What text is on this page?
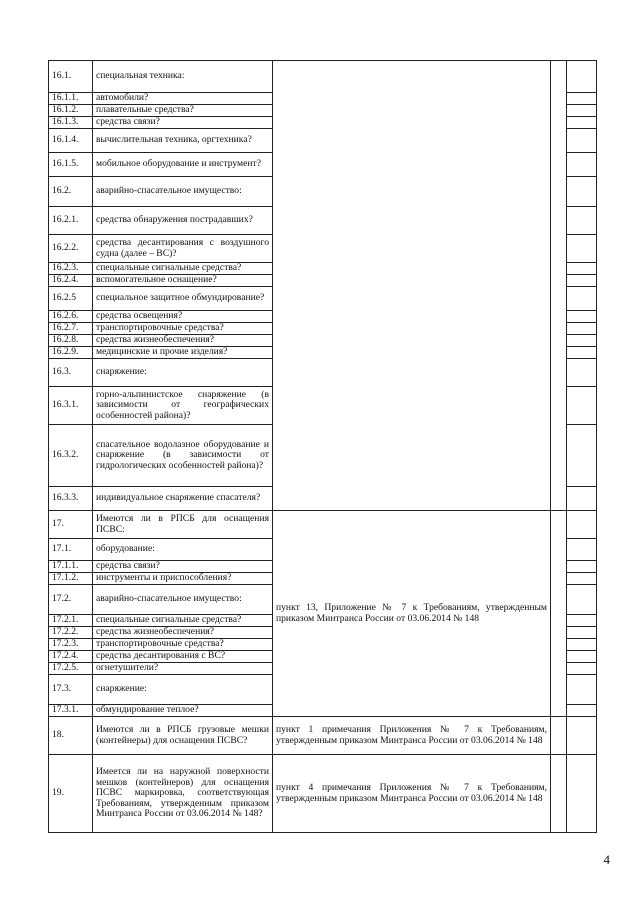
16.1.	специальная техника:			
16.1.1.	автомобили?			
16.1.2.	плавательные средства?			
16.1.3.	средства связи?			
16.1.4.	вычислительная техника, оргтехника?			
16.1.5.	мобильное оборудование и инструмент?			
16.2.	аварийно-спасательное имущество:			
16.2.1.	средства обнаружения пострадавших?			
16.2.2.	средства десантирования с воздушного судна (далее – ВС)?			
16.2.3.	специальные сигнальные средства?			
16.2.4.	вспомогательное оснащение?			
16.2.5	специальное защитное обмундирование?			
16.2.6.	средства освещения?			
16.2.7.	транспортировочные средства?			
16.2.8.	средства жизнеобеспечения?			
16.2.9.	медицинские и прочие изделия?			
16.3.	снаряжение:			
16.3.1.	горно-альпинистское снаряжение (в зависимости от географических особенностей района)?			
16.3.2.	спасательное водолазное оборудование и снаряжение (в зависимости от гидрологических особенностей района)?			
16.3.3.	индивидуальное снаряжение спасателя?			
17.	Имеются ли в РПСБ для оснащения ПСВС:	пункт 13, Приложение № 7 к Требованиям, утвержденным приказом Минтранса России от 03.06.2014 № 148		

17.1.	оборудование:			
17.1.1.	средства связи?			
17.1.2.	инструменты и приспособления?			
17.2.	аварийно-спасательное имущество:			
17.2.1.	специальные сигнальные средства?			
17.2.2.	средства жизнеобеспечения?			
17.2.3.	транспортировочные средства?			
17.2.4.	средства десантирования с ВС?			
17.2.5.	огнетушители?			
17.3.	снаряжение:			
17.3.1.	обмундирование теплое?			
18.	Имеются ли в РПСБ грузовые мешки (контейнеры) для оснащения ПСВС?	пункт 1 примечания Приложения № 7 к Требованиям, утвержденным приказом Минтранса России от 03.06.2014 № 148		

19.	Имеется ли на наружной поверхности мешков (контейнеров) для оснащения ПСВС маркировка, соответствующая Требованиям, утвержденным приказом Минтранса России от 03.06.2014 № 148?	пункт 4 примечания Приложения № 7 к Требованиям, утвержденным приказом Минтранса России от 03.06.2014 № 148		

4
